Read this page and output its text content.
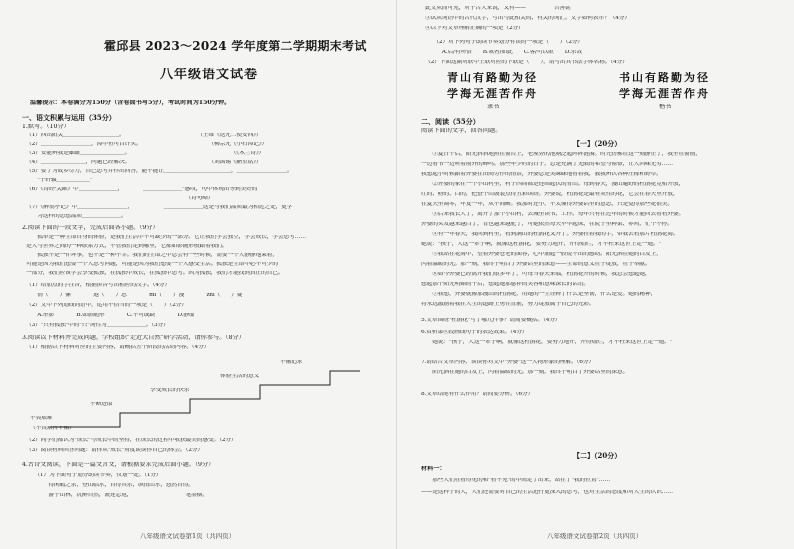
霍邱县 2023～2024 学年度第二学期期末考试
八年级语文试卷
温馨提示：本卷满分为150分（含卷面书写5分），考试时间为150分钟。
一、语文积累与运用（35分）
1.默写。（10分）
（1）西出阳关＿＿＿＿＿＿＿＿＿＿。　　　　　　　　　　　　　　（王维《送元二使安西》）
（2）＿＿＿＿＿＿＿＿＿，潭中鱼可百许头。　　　　　　　　　　　　　（柳宗元《小石潭记》）
（3）安能辨我是雄雌＿＿＿＿＿＿＿＿。　　　　　　　　　　　　　　　　　　　（《木兰诗》）
（4）＿＿＿＿＿＿＿＿，问题已经解决。　　　　　　　　　　　　　　　（刘禹锡《陋室铭》）
（5）要了为故乡尽力，自己思考并作出回答，能不能让＿＿＿＿＿＿＿＿＿＿＿＿，＿＿＿＿＿＿＿＿＿。
　　"于轩辕＿＿＿＿＿＿"
（6）《诗经·关雎》中＿＿＿＿＿＿＿，　　　　＿＿＿＿＿＿＿"感叹，句中体现出等到美好的
　　　　　　　　　　　　　　　　　　　　　　　　　　　　　（诗句略）
（7）《醉翁亭记》中＿＿＿＿＿＿＿＿＿，　　　　　　＿＿＿＿＿＿＿这是与我们品质最为相近之处，更学
　　习这样的思想品质＿＿＿＿＿＿＿。
2.阅读下面的一段文字，完成后面各小题。（9分）
　　孤单是一种生命自身的体验，是我们生活中不可缺少的一部分。它让我们学会独立，学会成长，学会思考……
是人与世界之间的一种联系方式，不管我们走到哪里，它都如影随形般跟着我们。
　　孤独不是一件坏事，也不是一种不幸。我们的生命之中总会有一些时候，需要一个人静静地呆着，
可能是因为我们想要一个人思考问题，可能是因为我们想要一个人感受生活。孤独是生命中必不可少的
一部分，我们应该学会享受孤独，在孤独中成长，在孤独中思考。因为孤独，我们才能找到真正的自己。
（1）给加点的字注音，根据拼音写出相应的汉字。（4分）
　　情（　　）愫　　　　遐（　　）思　　　　mí（　　）漫　　　　zhì（　　）疑
（2）文中下列划线词语中，运用不恰当的一项是（　　）（2分）
　　A.形影　　　　B.如影随形　　　　C.不可或缺　　　　D.静谧
（3）"只有孤独"中的"只"词性为＿＿＿＿＿＿＿。（3分）
3.阅读以下材料并完成问题，学校组织"走近大自然"研学活动，请你参与。（8分）
（1）根据以下材料对应的主要内容，请概括五个阶段的活动内容。（4分）
不懈追求
体验生活的意义
享受成长的快乐
不断进取
不畏艰难
（不畏艰苦不懈）
（2）同学们都认为"成长"与成长中的坚持，在成长的过程中收获最美的感受。（2分）
（3）阅读材料回答问题：请你从"成长"角度谈谈你自己的体会。（2分）
4.古诗文阅读，下面是一篇文言文，请根据要求完成后面小题。（9分）
　　（1）为下面句子划分朗读节奏，仅划一处。（1分）
　　　　得闲暇之余，登山临水，自得其乐，纵情山水，悠然自得。
　　　　游于山林，沉醉自然，流连忘返，　　　　　　　　　　笔墨横。
八年级语文试卷第1页（共四页）
此文从而可见，对于古人来说，又有——　　　　　吉善铭
③试从词语中的古代汉字，写出与此相关的、有关的词汇。文字如何表示？（4分）
④以下对文章理解正确的一项是（2分）
　　（2）对下列句子朗读节奏划分有误的一项是（　　）（2分）
　　　A.后/有所悟　　B.歌者/如此　　C.客/可以歌　　D.乐哉
（2）下面这副对联中上联对应的下联是（　　），请写出其书法字体名称。（4分）
青山有路勤为径
学海无涯苦作舟
书山有路勤为径
学海无涯苦作舟
隶书	楷书
二、阅读（55分）
阅读下面的文字，回答问题。
【一】（20分）
　　①夏日午后，阳光斜斜地照在窗台上，老屋旁的池塘泛起阵阵涟漪。时光仿佛在这一刻静止了，我坐在窗前，
一边看书一边听着窗外的蝉鸣。那些年少时的日子，总是充满了无限的希望与憧憬，让人回味无穷……
我想起小时候跟着外婆在田间劳作的情景，外婆总是笑眯眯地看着我，教我辨认各种庄稼和野草。
　　②外婆的家在一个小山村里，村子四周都是连绵起伏的青山。每到春天，漫山遍野的杜鹃花竞相开放，
红的、粉的、白的，把整个山坡装点得五彩缤纷。外婆说，杜鹃花是最有灵性的花，它会在春天里开放，
在夏天里凋零，年复一年，从不间断。我那时还小，不太懂得外婆话里的意思，只是觉得那些花很美。
　　③后来我长大了，离开了那个小山村，去城里读书、工作。每年只有在过年的时候才能回去看看外婆。
外婆的头发越来越白了，背也越来越驼了，可她依然每天早早起床，在院子里种菜、养鸡，忙个不停。
　　④有一年春天，我回到村里，看到满山的杜鹃花又开了。外婆拉着我的手，带我去看那片杜鹃花海。
她说："孩子，人这一辈子啊，就像这杜鹃花，要努力地开，开得灿烂，才不枉来这世上走一遭。"
　　⑤我站在花海中，望着外婆苍老的面容，心中涌起一股说不出的感动。阳光洒在她的白发上，
闪着温暖的光。那一刻，我终于明白了外婆话里的深意——生命的意义在于绽放，在于奉献。
　　⑥如今外婆已经离开我们很多年了，可每当春天来临，杜鹃花开的时候，我总会想起她，
想起那个阳光明媚的午后，想起她那慈祥的笑容和意味深长的话语。
　　⑦我想，外婆就像那漫山的杜鹃花，用她的一生诠释了什么是坚韧，什么是爱。她的精神，
将永远激励着我在人生的道路上勇往直前，努力绽放属于自己的光彩。
5.文章围绕"杜鹃花"写了哪几件事？请简要概括。（4分）
6.赏析第④段画线句子的表达效果。（4分）
　　她说："孩子，人这一辈子啊，就像这杜鹃花，要努力地开，开得灿烂，才不枉来这世上走一遭。"
7.请结合文章内容，谈谈你对文中"外婆"这一人物形象的理解。（6分）
　　阳光洒在她的白发上，闪着温暖的光。那一刻，我终于明白了外婆话里的深意。
8.文章结尾有什么作用？请简要分析。（6分）
【二】（20分）
材料一：
　　那些人们在看得见的和"看不见"的中间走了出来，站在了"我的位置"……
——是这样子的人，人们还需要对自己的生活进行更深入的思考，也对生活的态度和对人生的认识……
八年级语文试卷第2页（共四页）
